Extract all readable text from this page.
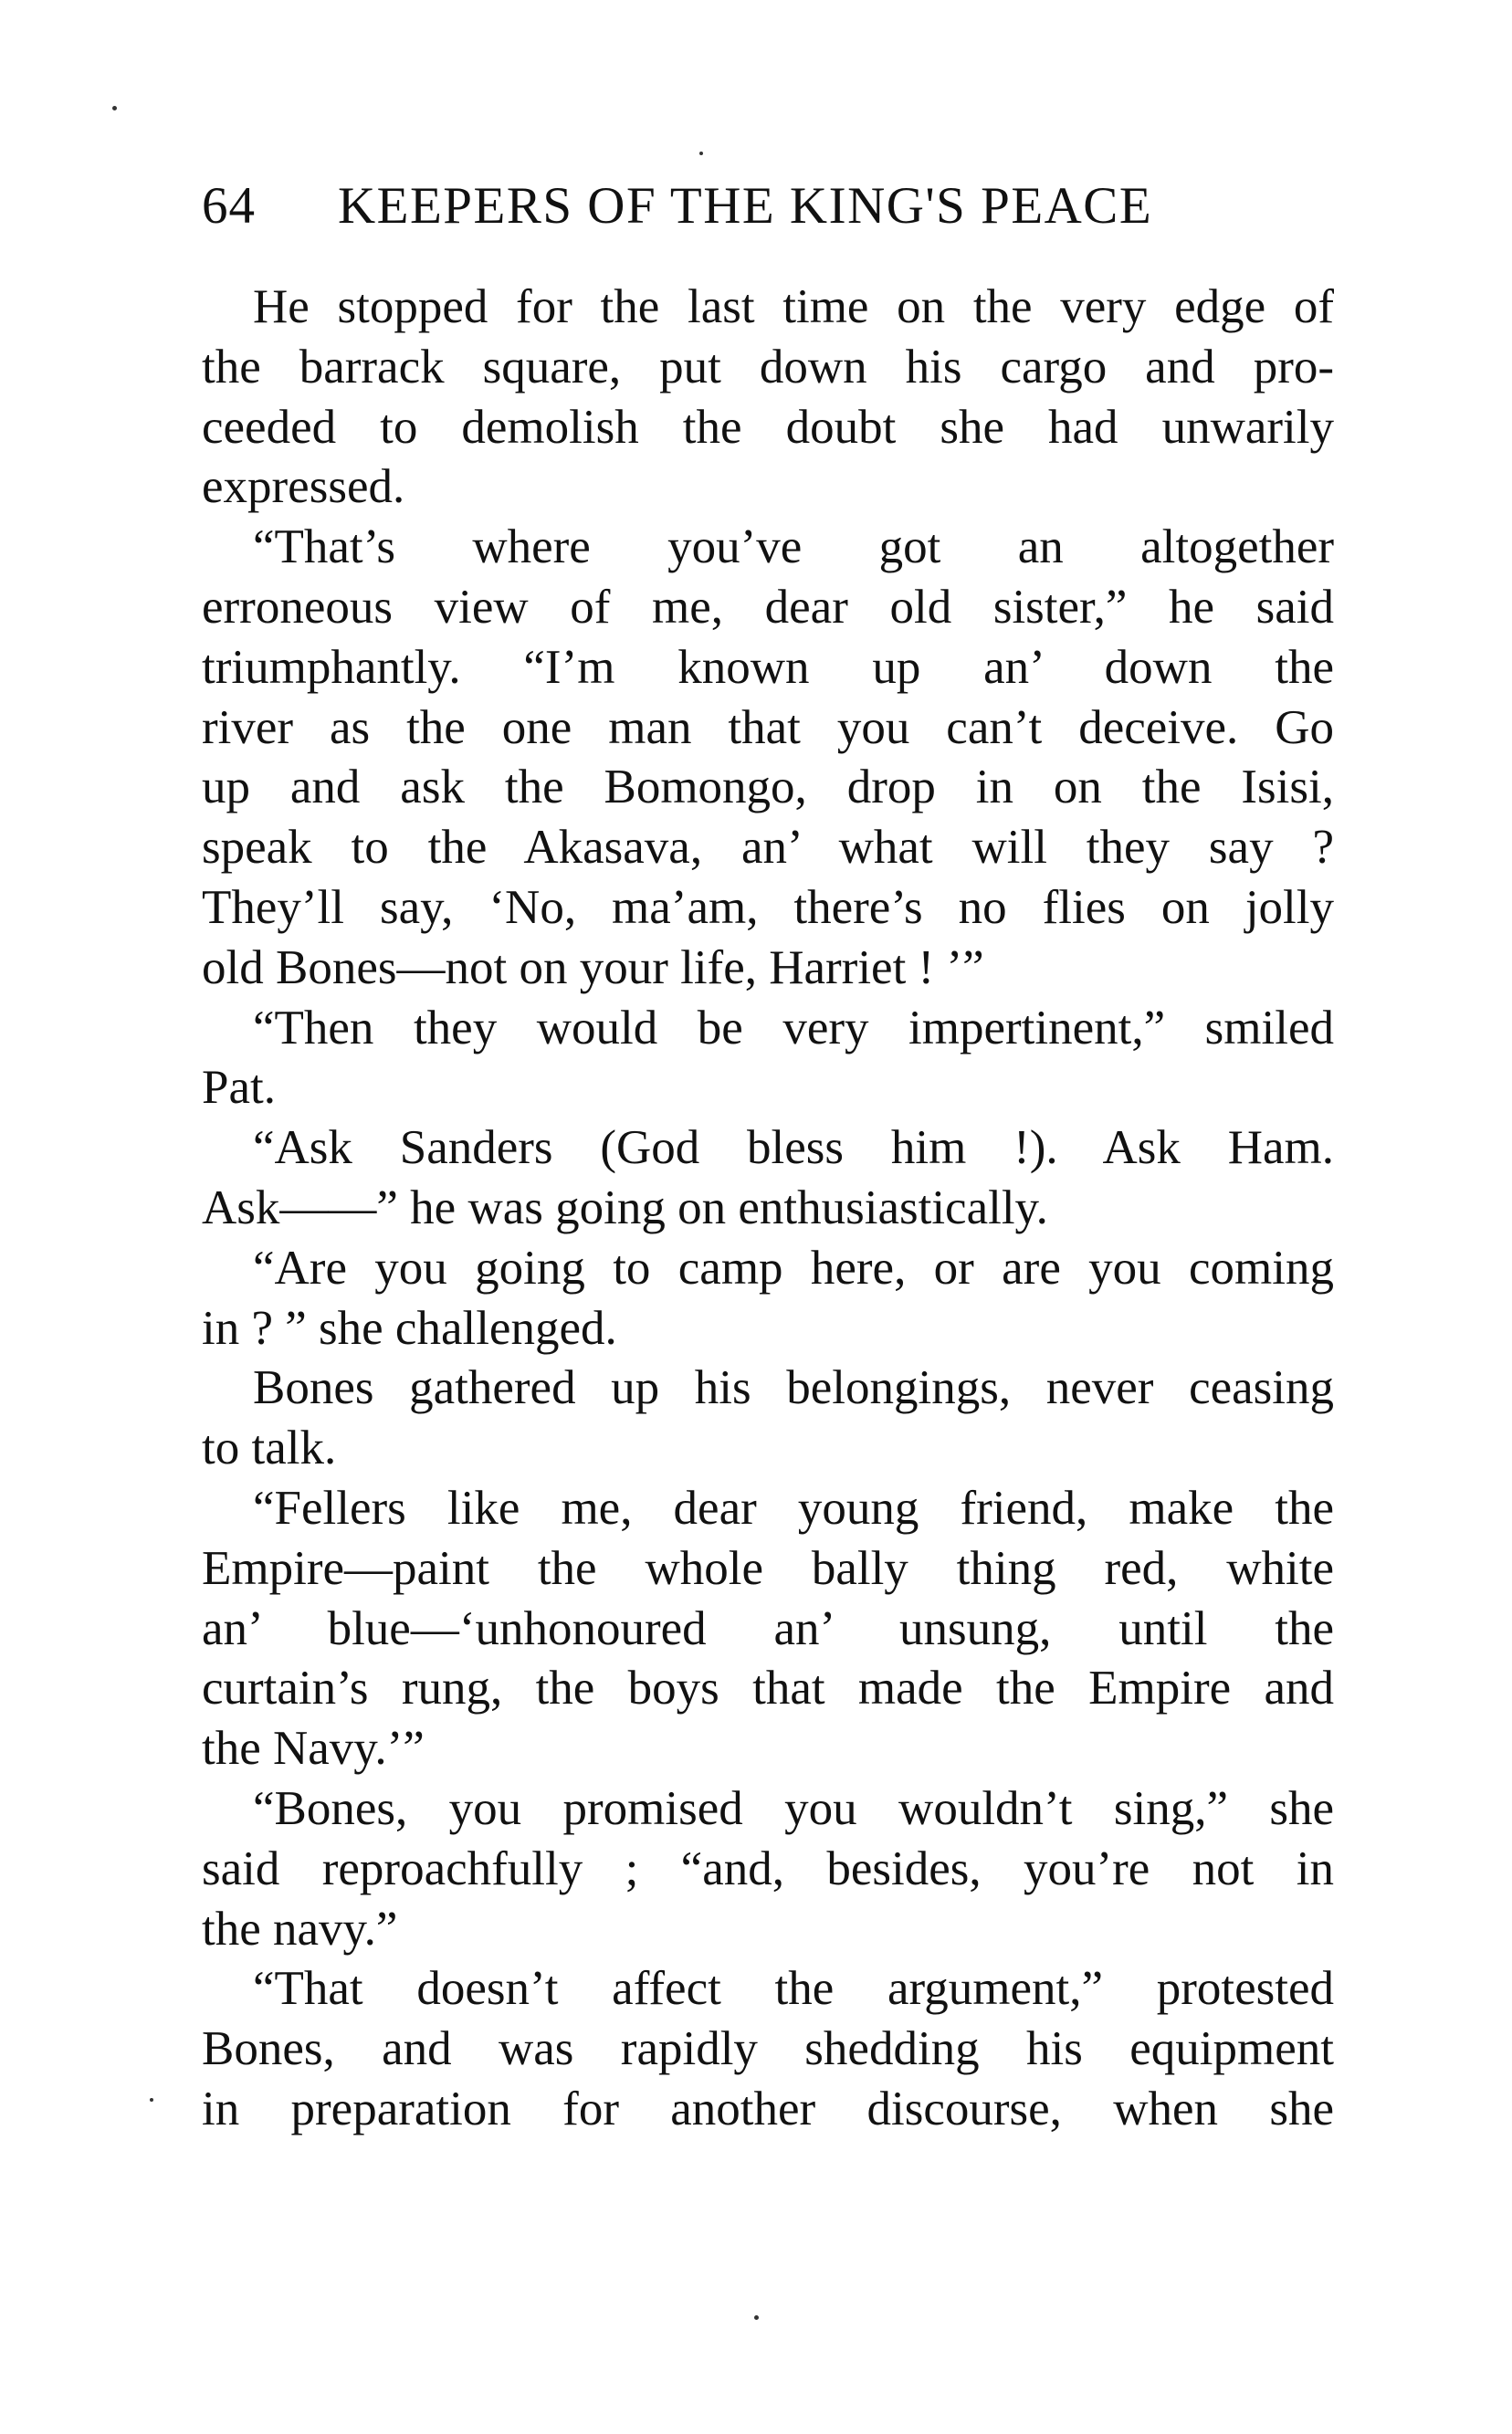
64 KEEPERS OF THE KING'S PEACE
He stopped for the last time on the very edge of
the barrack square, put down his cargo and pro-
ceeded to demolish the doubt she had unwarily
expressed.
“That’s where you’ve got an altogether
erroneous view of me, dear old sister,” he said
triumphantly. “I’m known up an’ down the
river as the one man that you can’t deceive. Go
up and ask the Bomongo, drop in on the Isisi,
speak to the Akasava, an’ what will they say ?
They’ll say, ‘No, ma’am, there’s no flies on jolly
old Bones—not on your life, Harriet ! ’”
“Then they would be very impertinent,” smiled
Pat.
“Ask Sanders (God bless him !). Ask Ham.
Ask——” he was going on enthusiastically.
“Are you going to camp here, or are you coming
in ? ” she challenged.
Bones gathered up his belongings, never ceasing
to talk.
“Fellers like me, dear young friend, make the
Empire—paint the whole bally thing red, white
an’ blue—‘unhonoured an’ unsung, until the
curtain’s rung, the boys that made the Empire and
the Navy.’”
“Bones, you promised you wouldn’t sing,” she
said reproachfully ; “and, besides, you’re not in
the navy.”
“That doesn’t affect the argument,” protested
Bones, and was rapidly shedding his equipment
in preparation for another discourse, when she
